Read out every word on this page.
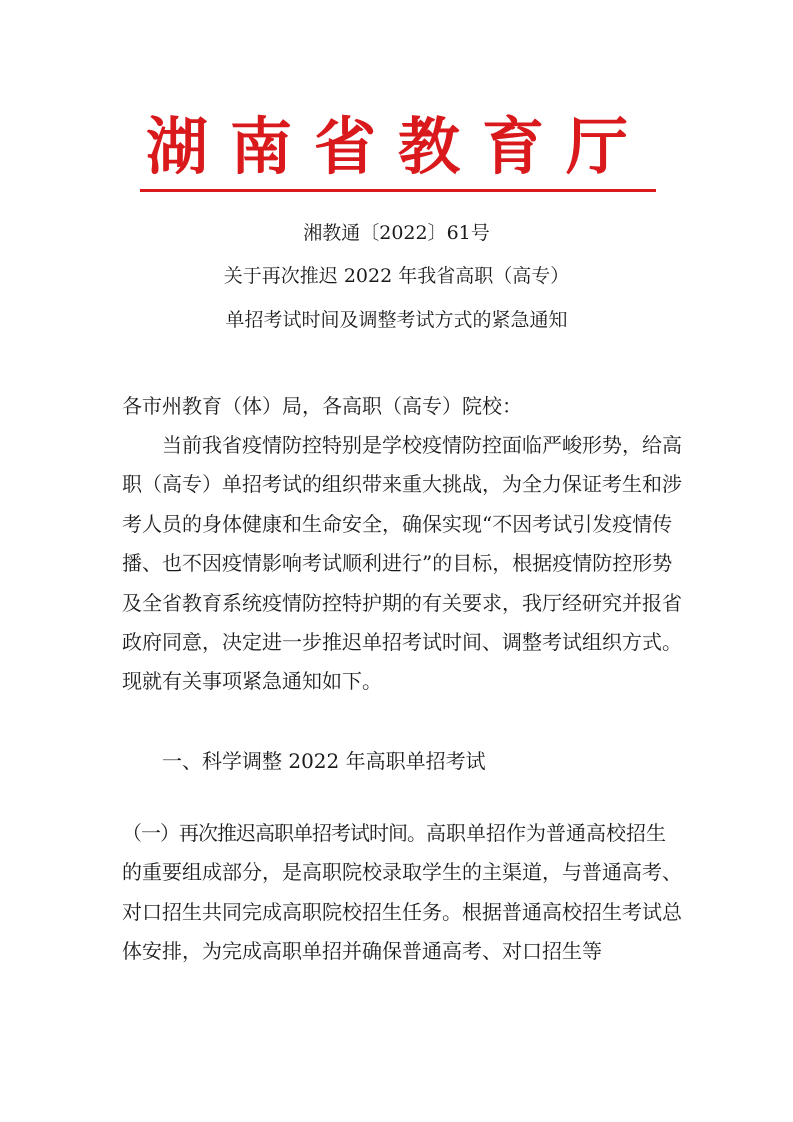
湖南省教育厅
湘教通〔2022〕61号
关于再次推迟 2022 年我省高职（高专）
单招考试时间及调整考试方式的紧急通知
各市州教育（体）局，各高职（高专）院校：
当前我省疫情防控特别是学校疫情防控面临严峻形势，给高职（高专）单招考试的组织带来重大挑战，为全力保证考生和涉考人员的身体健康和生命安全，确保实现“不因考试引发疫情传播、也不因疫情影响考试顺利进行”的目标，根据疫情防控形势及全省教育系统疫情防控特护期的有关要求，我厅经研究并报省政府同意，决定进一步推迟单招考试时间、调整考试组织方式。现就有关事项紧急通知如下。
一、科学调整 2022 年高职单招考试
（一）再次推迟高职单招考试时间。高职单招作为普通高校招生的重要组成部分，是高职院校录取学生的主渠道，与普通高考、对口招生共同完成高职院校招生任务。根据普通高校招生考试总体安排，为完成高职单招并确保普通高考、对口招生等
